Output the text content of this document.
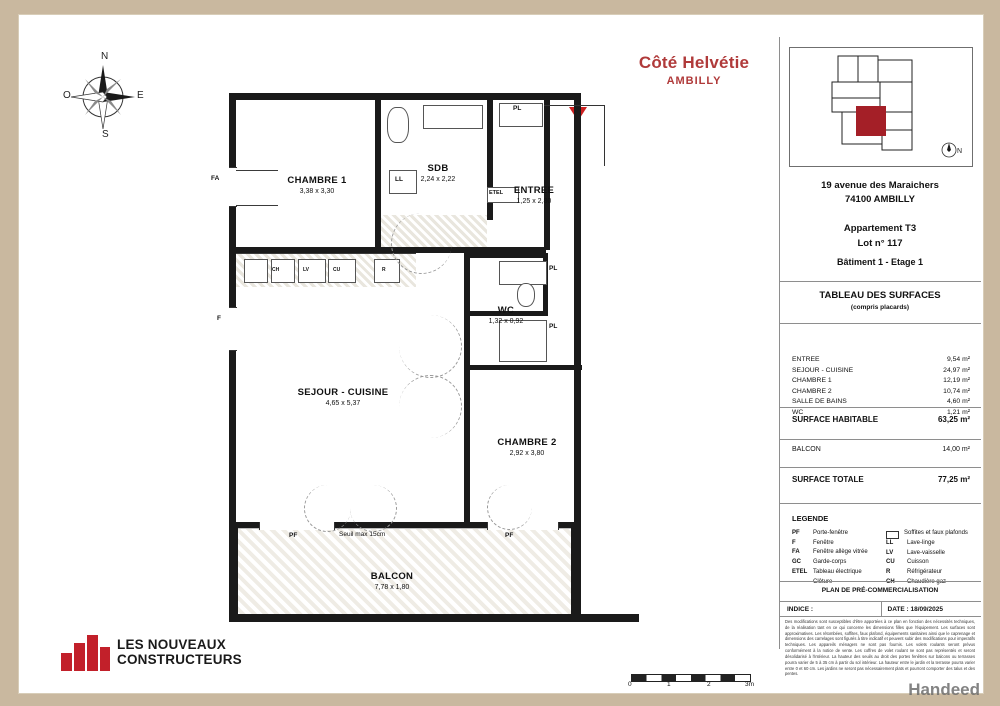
Côté Helvétie
AMBILLY
N
S
E
O
LL
ETEL
PL
PL
PL
FA
F
PF	PF
Seuil max 15cm
CHAMBRE 1
3,38 x 3,30
SDB
2,24 x 2,22
ENTREE
1,25 x 2,80
WC
1,32 x 0,92
SEJOUR - CUISINE
4,65 x 5,37
CHAMBRE 2
2,92 x 3,80
BALCON
7,78 x 1,80
CH	LV	CU	R
N
19 avenue des Maraichers
74100 AMBILLY
Appartement T3
Lot n° 117
Bâtiment 1 - Etage 1
TABLEAU DES SURFACES
(compris placards)
ENTREE	9,54 m²
SEJOUR - CUISINE	24,97 m²
CHAMBRE 1	12,19 m²
CHAMBRE 2	10,74 m²
SALLE DE BAINS	4,60 m²
WC	1,21 m²
SURFACE HABITABLE	63,25 m²
BALCON	14,00 m²
SURFACE TOTALE	77,25 m²
LEGENDE
PF	Porte-fenêtre
F	Fenêtre
FA	Fenêtre allège vitrée
GC	Garde-corps
ETEL Tableau électrique
Soffites et faux plafonds
LL	Lave-linge
LV	Lave-vaisselle
CU	Cuisson
R	Réfrigérateur
PLAN DE PRÉ-COMMERCIALISATION
INDICE :	DATE : 18/09/2025
Des modifications sont susceptibles d'être apportées à ce plan en fonction des nécessités techniques, de la réalisation tant en ce qui concerne les dimensions filles que l'équipement. Les surfaces sont approximatives. Les rétombées, soffites, faux plafond, équipements sanitaires ainsi que le caprenage et dimensions des carrelages sont figurés à titre indicatif et peuvent subir des modifications pour imperatifs techniques. Les appareils ménagers ne sont pas fournis. Les volets roulants seront prévus conformément à la notice de vente. Les coffres de volet roulant ne sont pas représentés et seront désolidarisé à l'intérieur. La hauteur des seuils au droit des portes fenêtres sur balcons ou terrasses pourra varier de 5 à 35 cm à partir du sol intérieur. La hauteur entre le jardin et la terrasse pourra varier entre 0 et 60 cm. Les jardins ne seront pas nécessairement plats et pourront comporter des talus et des pentes.
0	1	2	3m
LES NOUVEAUX
CONSTRUCTEURS
Handeed
